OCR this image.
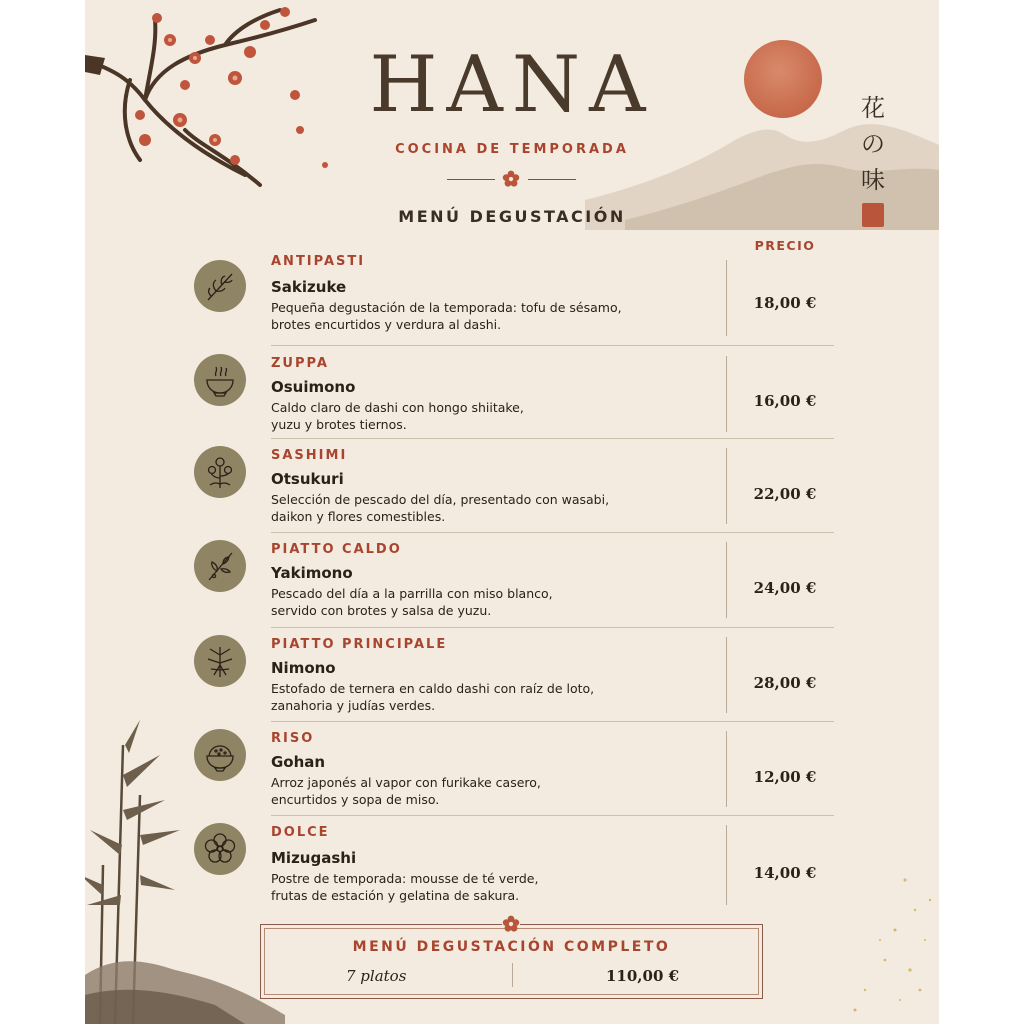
HANA
COCINA DE TEMPORADA
花
の
味
MENÚ DEGUSTACIÓN
PRECIO
ANTIPASTI
Sakizuke
Pequeña degustación de la temporada: tofu de sésamo,
brotes encurtidos y verdura al dashi.
18,00 €
ZUPPA
Osuimono
Caldo claro de dashi con hongo shiitake,
yuzu y brotes tiernos.
16,00 €
SASHIMI
Otsukuri
Selección de pescado del día, presentado con wasabi,
daikon y flores comestibles.
22,00 €
PIATTO CALDO
Yakimono
Pescado del día a la parrilla con miso blanco,
servido con brotes y salsa de yuzu.
24,00 €
PIATTO PRINCIPALE
Nimono
Estofado de ternera en caldo dashi con raíz de loto,
zanahoria y judías verdes.
28,00 €
RISO
Gohan
Arroz japonés al vapor con furikake casero,
encurtidos y sopa de miso.
12,00 €
DOLCE
Mizugashi
Postre de temporada: mousse de té verde,
frutas de estación y gelatina de sakura.
14,00 €
MENÚ DEGUSTACIÓN COMPLETO
7 platos	110,00 €
